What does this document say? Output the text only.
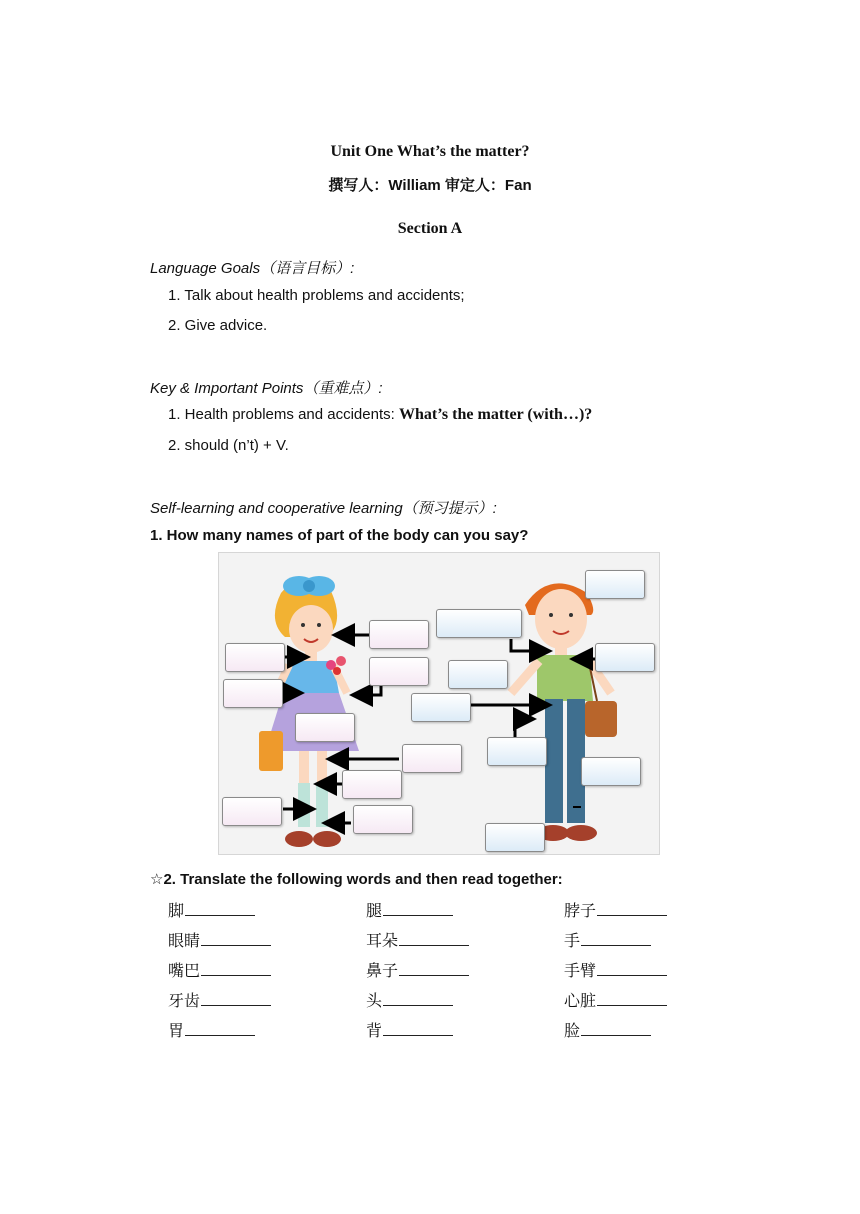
Unit One What’s the matter?
撰写人：William 审定人：Fan
Section A
Language Goals（语言目标）:
1. Talk about health problems and accidents;
2. Give advice.
Key & Important Points（重难点）:
1. Health problems and accidents: What’s the matter (with…)?
2. should (n’t) + V.
Self-learning and cooperative learning（预习提示）:
1. How many names of part of the body can you say?
☆2. Translate the following words and then read together:
脚	腿	脖子
眼睛	耳朵	手
嘴巴	鼻子	手臂
牙齿	头	心脏
胃	背	脸
